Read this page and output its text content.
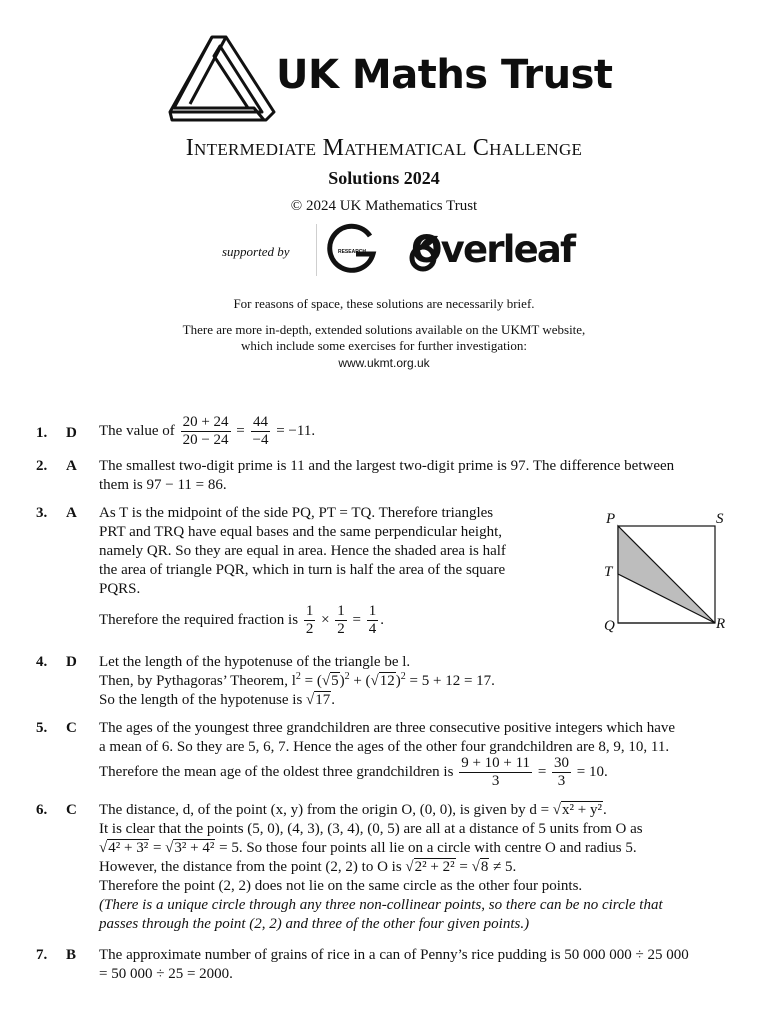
UK Maths Trust
Intermediate Mathematical Challenge
Solutions 2024
© 2024 UK Mathematics Trust
supported by	RESEARCH Overleaf
For reasons of space, these solutions are necessarily brief.
There are more in-depth, extended solutions available on the UKMT website,
which include some exercises for further investigation:
www.ukmt.org.uk
1. D The value of $\frac{20 + 24}{20 - 24} = \frac{44}{-4} = -11$.
2. A The smallest two-digit prime is 11 and the largest two-digit prime is 97. The difference between
them is 97 − 11 = 86.
3. A As T is the midpoint of the side PQ, PT = TQ. Therefore triangles
PRT and TRQ have equal bases and the same perpendicular height,
namely QR. So they are equal in area. Hence the shaded area is half
the area of triangle PQR, which in turn is half the area of the square
PQRS.
Therefore the required fraction is $\frac{1}{2} \times \frac{1}{2} = \frac{1}{4}$ .
P	S
T
Q	R
4. D Let the length of the hypotenuse of the triangle be l.
Then, by Pythagoras’ Theorem, $l^2 = (√5)^2 + (√12)^2 = 5 + 12 = 17$.
So the length of the hypotenuse is √17.
5. C The ages of the youngest three grandchildren are three consecutive positive integers which have
a mean of 6. So they are 5, 6, 7. Hence the ages of the other four grandchildren are 8, 9, 10, 11.
Therefore the mean age of the oldest three grandchildren is $\frac{9 + 10 + 11}{3} = \frac{30}{3} = 10$.
6. C The distance, d, of the point (x, y) from the origin O, (0, 0), is given by d = √x² + y².
It is clear that the points (5, 0), (4, 3), (3, 4), (0, 5) are all at a distance of 5 units from O as
√4² + 3² = √3² + 4² = 5. So those four points all lie on a circle with centre O and radius 5.
However, the distance from the point (2, 2) to O is √2² + 2² = √8 ≠ 5.
Therefore the point (2, 2) does not lie on the same circle as the other four points.
(There is a unique circle through any three non-collinear points, so there can be no circle that
passes through the point (2, 2) and three of the other four given points.)
7. B The approximate number of grains of rice in a can of Penny’s rice pudding is 50 000 000 ÷ 25 000
= 50 000 ÷ 25 = 2000.
